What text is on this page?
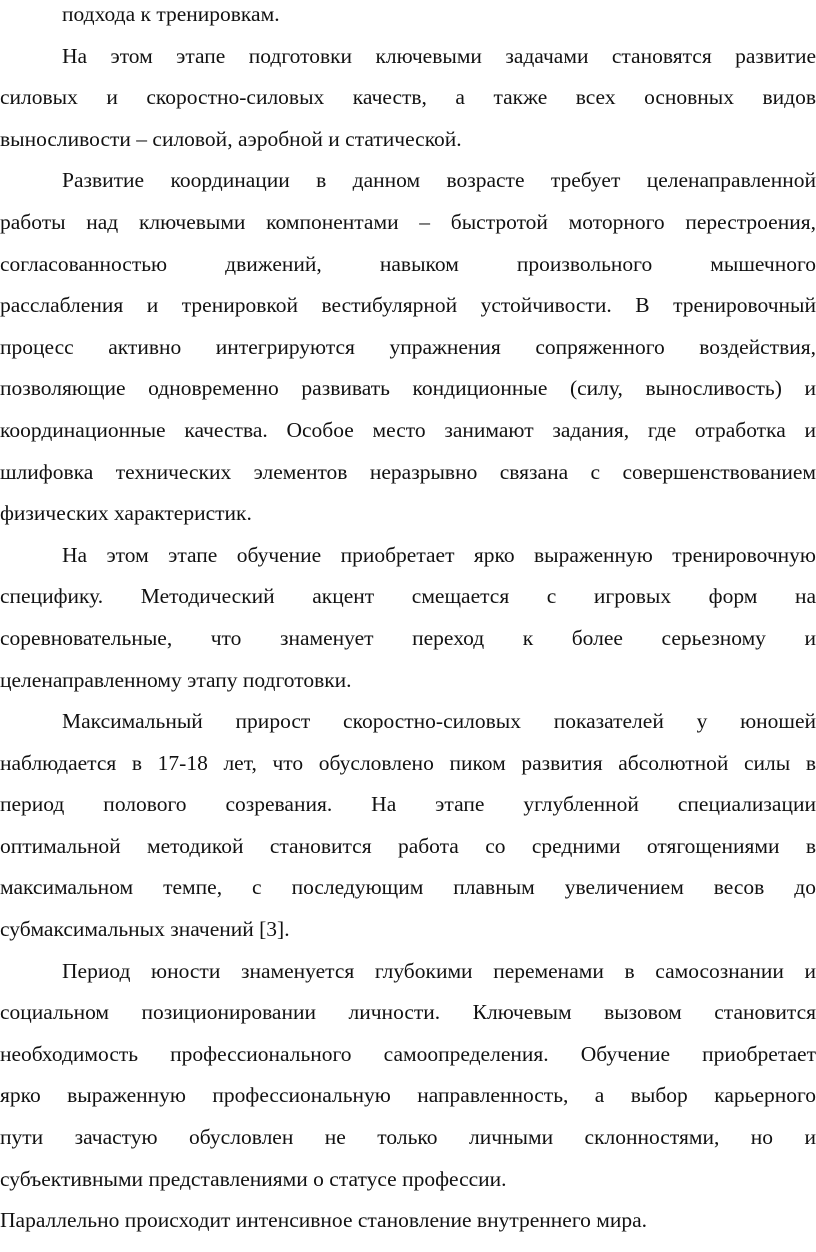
подхода к тренировкам.
На этом этапе подготовки ключевыми задачами становятся развитие
силовых и скоростно-силовых качеств, а также всех основных видов
выносливости – силовой, аэробной и статической.
Развитие координации в данном возрасте требует целенаправленной
работы над ключевыми компонентами – быстротой моторного перестроения,
согласованностью движений, навыком произвольного мышечного
расслабления и тренировкой вестибулярной устойчивости. В тренировочный
процесс активно интегрируются упражнения сопряженного воздействия,
позволяющие одновременно развивать кондиционные (силу, выносливость) и
координационные качества. Особое место занимают задания, где отработка и
шлифовка технических элементов неразрывно связана с совершенствованием
физических характеристик.
На этом этапе обучение приобретает ярко выраженную тренировочную
специфику. Методический акцент смещается с игровых форм на
соревновательные, что знаменует переход к более серьезному и
целенаправленному этапу подготовки.
Максимальный прирост скоростно-силовых показателей у юношей
наблюдается в 17-18 лет, что обусловлено пиком развития абсолютной силы в
период полового созревания. На этапе углубленной специализации
оптимальной методикой становится работа со средними отягощениями в
максимальном темпе, с последующим плавным увеличением весов до
субмаксимальных значений [3].
Период юности знаменуется глубокими переменами в самосознании и
социальном позиционировании личности. Ключевым вызовом становится
необходимость профессионального самоопределения. Обучение приобретает
ярко выраженную профессиональную направленность, а выбор карьерного
пути зачастую обусловлен не только личными склонностями, но и
субъективными представлениями о статусе профессии.
Параллельно происходит интенсивное становление внутреннего мира.
